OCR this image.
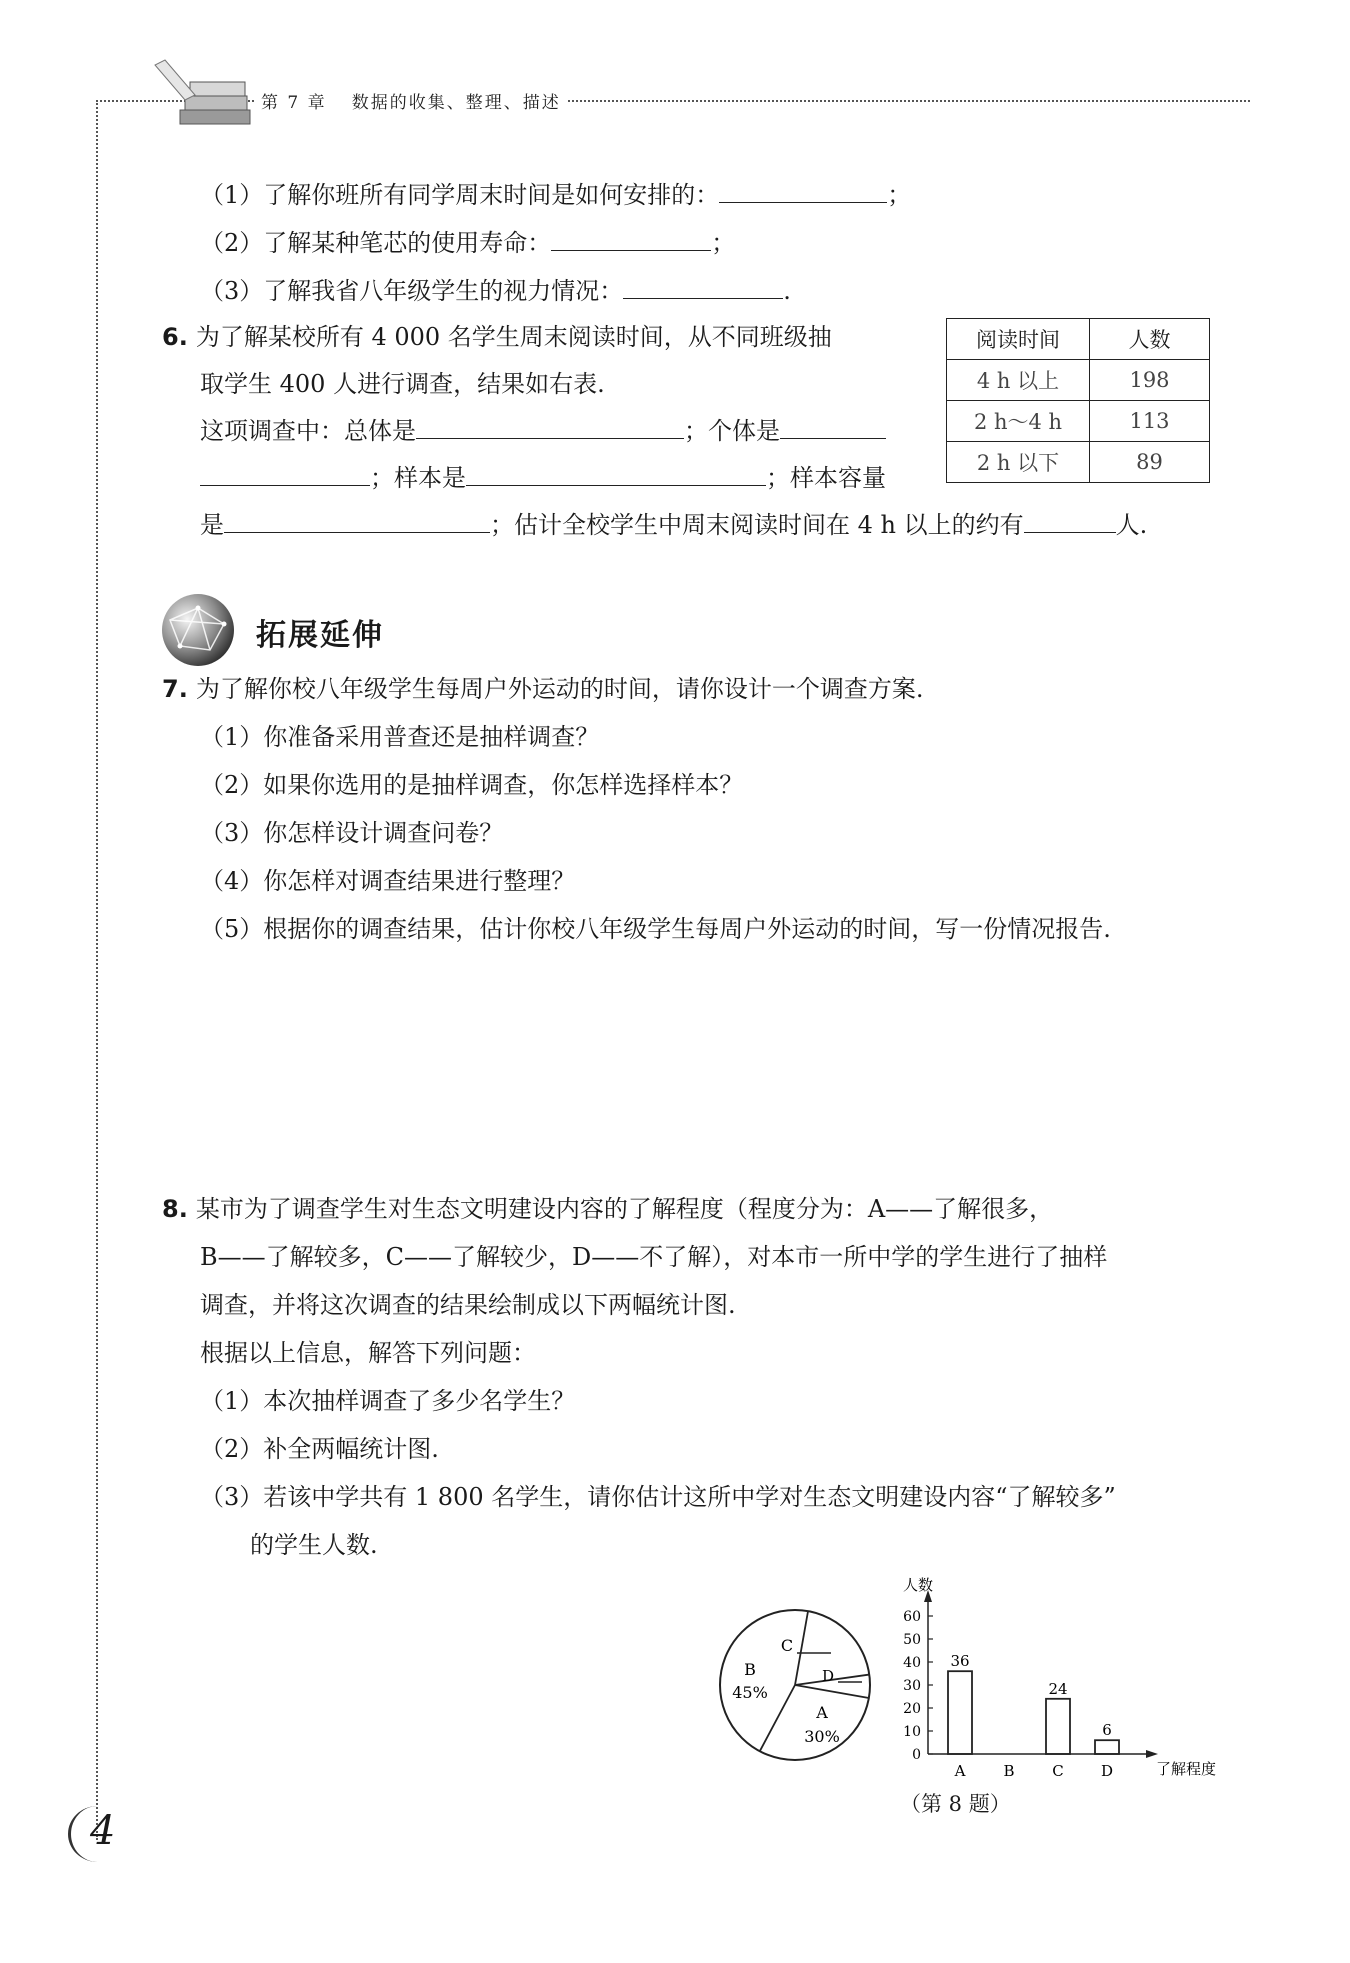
第 7 章 数据的收集、整理、描述
（1）了解你班所有同学周末时间是如何安排的：	；
（2）了解某种笔芯的使用寿命：	；
（3）了解我省八年级学生的视力情况：	.
6. 为了解某校所有 4 000 名学生周末阅读时间，从不同班级抽
取学生 400 人进行调查，结果如右表.
这项调查中：总体是	；个体是
；样本是	；样本容量
是	；估计全校学生中周末阅读时间在 4 h 以上的约有	人.
阅读时间	人数
4 h 以上	198
2 h～4 h	113
2 h 以下	89
拓展延伸
7. 为了解你校八年级学生每周户外运动的时间，请你设计一个调查方案.
（1）你准备采用普查还是抽样调查？
（2）如果你选用的是抽样调查，你怎样选择样本？
（3）你怎样设计调查问卷？
（4）你怎样对调查结果进行整理？
（5）根据你的调查结果，估计你校八年级学生每周户外运动的时间，写一份情况报告.
8. 某市为了调查学生对生态文明建设内容的了解程度（程度分为：A——了解很多，
B——了解较多，C——了解较少，D——不了解），对本市一所中学的学生进行了抽样
调查，并将这次调查的结果绘制成以下两幅统计图.
根据以上信息，解答下列问题：
（1）本次抽样调查了多少名学生？
（2）补全两幅统计图.
（3）若该中学共有 1 800 名学生，请你估计这所中学对生态文明建设内容“了解较多”
的学生人数.
B
45%
A
30%
C
D
人数
了解程度
0
10
20
30
40
50
60
A
36
B	C
24
D
6
（第 8 题）
4
